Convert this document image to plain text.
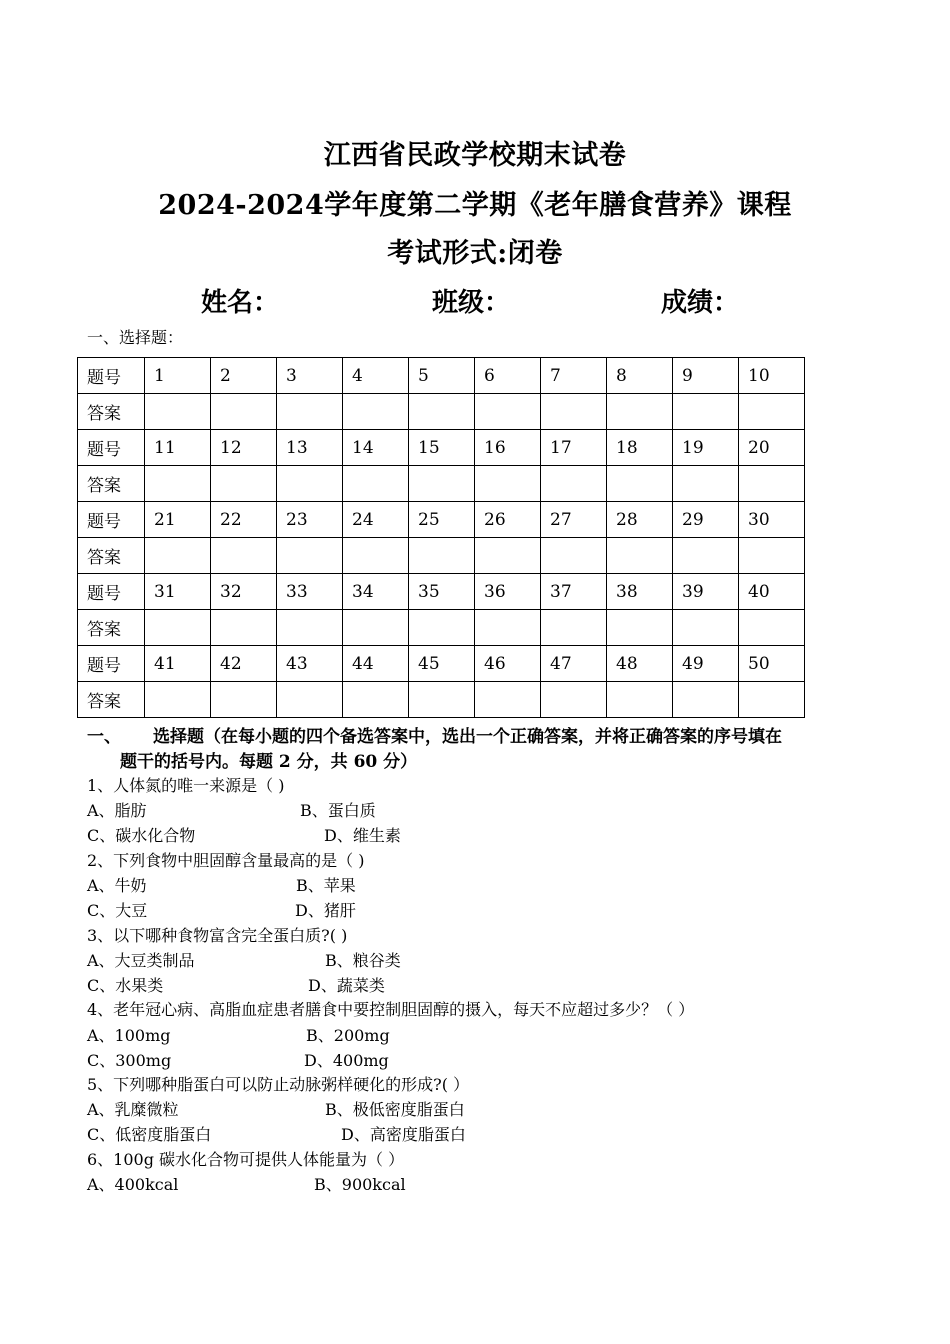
江西省民政学校期末试卷
2024-2024学年度第二学期《老年膳食营养》课程
考试形式:闭卷
姓名：	班级：	成绩：
一、选择题：
题号	1	2	3	4	5	6	7	8	9	10
答案										
题号	11	12	13	14	15	16	17	18	19	20
答案										
题号	21	22	23	24	25	26	27	28	29	30
答案										
题号	31	32	33	34	35	36	37	38	39	40
答案										
题号	41	42	43	44	45	46	47	48	49	50
答案										
一、 选择题（在每小题的四个备选答案中，选出一个正确答案，并将正确答案的序号填在
题干的括号内。每题 2 分，共 60 分）
1、人体氮的唯一来源是（ )
A、脂肪	B、蛋白质
C、碳水化合物	D、维生素
2、下列食物中胆固醇含量最高的是（ )
A、牛奶	B、苹果
C、大豆	D、猪肝
3、以下哪种食物富含完全蛋白质?( )
A、大豆类制品	B、粮谷类
C、水果类	D、蔬菜类
4、老年冠心病、高脂血症患者膳食中要控制胆固醇的摄入，每天不应超过多少？（ ）
A、100mg	B、200mg
C、300mg	D、400mg
5、下列哪种脂蛋白可以防止动脉粥样硬化的形成?( ）
A、乳糜微粒	B、极低密度脂蛋白
C、低密度脂蛋白	D、高密度脂蛋白
6、100g 碳水化合物可提供人体能量为（ ）
A、400kcal	B、900kcal
